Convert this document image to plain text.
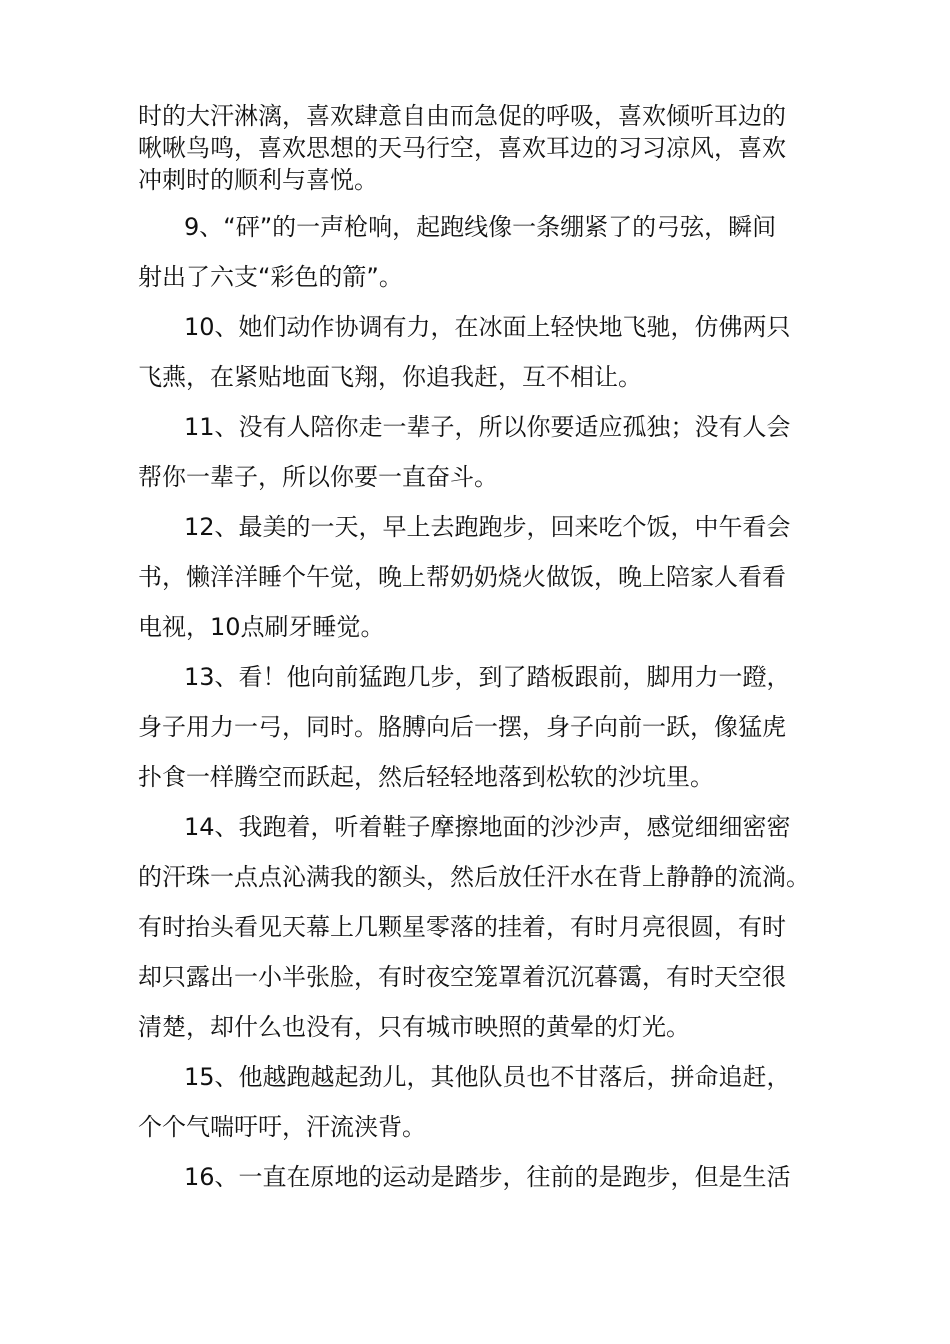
时的大汗淋漓，喜欢肆意自由而急促的呼吸，喜欢倾听耳边的
啾啾鸟鸣，喜欢思想的天马行空，喜欢耳边的习习凉风，喜欢
冲刺时的顺利与喜悦。
9、“砰”的一声枪响，起跑线像一条绷紧了的弓弦，瞬间
射出了六支“彩色的箭”。
10、她们动作协调有力，在冰面上轻快地飞驰，仿佛两只
飞燕，在紧贴地面飞翔，你追我赶，互不相让。
11、没有人陪你走一辈子，所以你要适应孤独；没有人会
帮你一辈子，所以你要一直奋斗。
12、最美的一天，早上去跑跑步，回来吃个饭，中午看会
书，懒洋洋睡个午觉，晚上帮奶奶烧火做饭，晚上陪家人看看
电视，10点刷牙睡觉。
13、看！他向前猛跑几步，到了踏板跟前，脚用力一蹬，
身子用力一弓，同时。胳膊向后一摆，身子向前一跃，像猛虎
扑食一样腾空而跃起，然后轻轻地落到松软的沙坑里。
14、我跑着，听着鞋子摩擦地面的沙沙声，感觉细细密密
的汗珠一点点沁满我的额头，然后放任汗水在背上静静的流淌。
有时抬头看见天幕上几颗星零落的挂着，有时月亮很圆，有时
却只露出一小半张脸，有时夜空笼罩着沉沉暮霭，有时天空很
清楚，却什么也没有，只有城市映照的黄晕的灯光。
15、他越跑越起劲儿，其他队员也不甘落后，拼命追赶，
个个气喘吁吁，汗流浃背。
16、一直在原地的运动是踏步，往前的是跑步，但是生活
